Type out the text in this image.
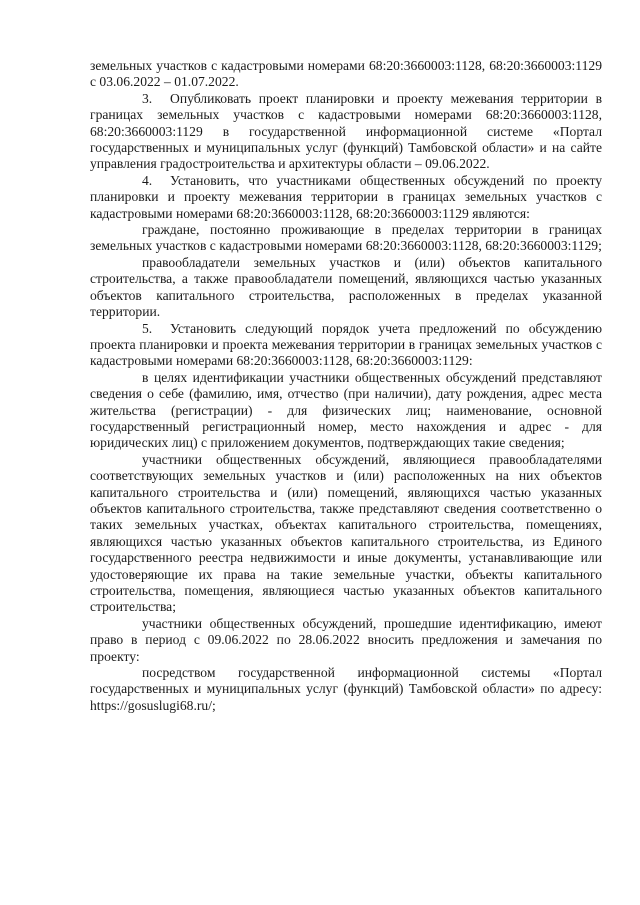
земельных участков с кадастровыми номерами 68:20:3660003:1128, 68:20:3660003:1129 с 03.06.2022 – 01.07.2022.

3. Опубликовать проект планировки и проекту межевания территории в границах земельных участков с кадастровыми номерами 68:20:3660003:1128, 68:20:3660003:1129 в государственной информационной системе «Портал государственных и муниципальных услуг (функций) Тамбовской области» и на сайте управления градостроительства и архитектуры области – 09.06.2022.

4. Установить, что участниками общественных обсуждений по проекту планировки и проекту межевания территории в границах земельных участков с кадастровыми номерами 68:20:3660003:1128, 68:20:3660003:1129 являются:

граждане, постоянно проживающие в пределах территории в границах земельных участков с кадастровыми номерами 68:20:3660003:1128, 68:20:3660003:1129;

правообладатели земельных участков и (или) объектов капитального строительства, а также правообладатели помещений, являющихся частью указанных объектов капитального строительства, расположенных в пределах указанной территории.

5. Установить следующий порядок учета предложений по обсуждению проекта планировки и проекта межевания территории в границах земельных участков с кадастровыми номерами 68:20:3660003:1128, 68:20:3660003:1129:

в целях идентификации участники общественных обсуждений представляют сведения о себе (фамилию, имя, отчество (при наличии), дату рождения, адрес места жительства (регистрации) - для физических лиц; наименование, основной государственный регистрационный номер, место нахождения и адрес - для юридических лиц) с приложением документов, подтверждающих такие сведения;

участники общественных обсуждений, являющиеся правообладателями соответствующих земельных участков и (или) расположенных на них объектов капитального строительства и (или) помещений, являющихся частью указанных объектов капитального строительства, также представляют сведения соответственно о таких земельных участках, объектах капитального строительства, помещениях, являющихся частью указанных объектов капитального строительства, из Единого государственного реестра недвижимости и иные документы, устанавливающие или удостоверяющие их права на такие земельные участки, объекты капитального строительства, помещения, являющиеся частью указанных объектов капитального строительства;

участники общественных обсуждений, прошедшие идентификацию, имеют право в период с 09.06.2022 по 28.06.2022 вносить предложения и замечания по проекту:

посредством государственной информационной системы «Портал государственных и муниципальных услуг (функций) Тамбовской области» по адресу: https://gosuslugi68.ru/;
